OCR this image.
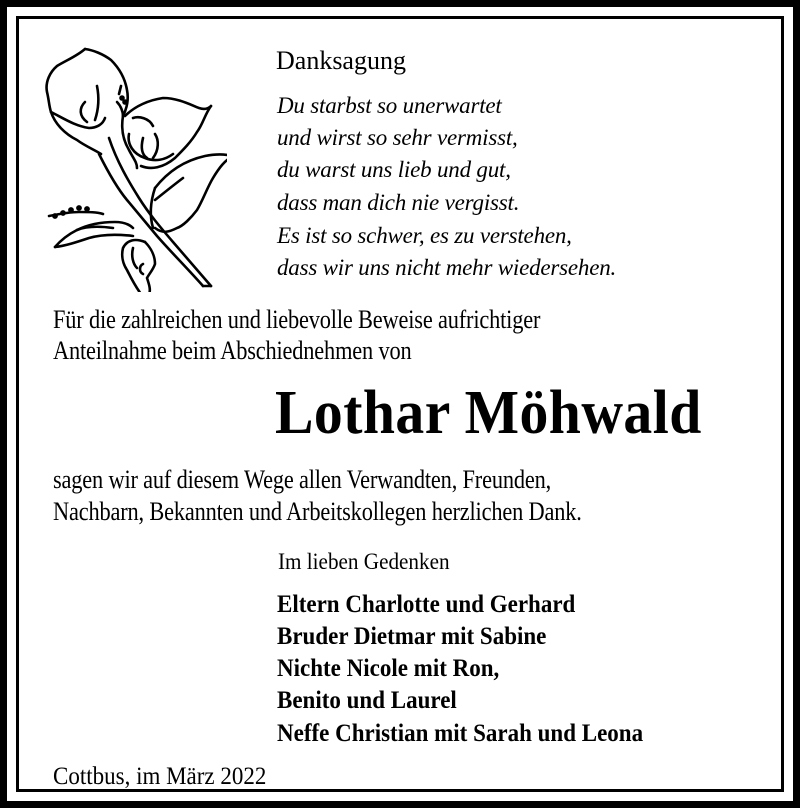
Danksagung
Du starbst so unerwartet
und wirst so sehr vermisst,
du warst uns lieb und gut,
dass man dich nie vergisst.
Es ist so schwer, es zu verstehen,
dass wir uns nicht mehr wiedersehen.
Für die zahlreichen und liebevolle Beweise aufrichtiger
Anteilnahme beim Abschiednehmen von
Lothar Möhwald
sagen wir auf diesem Wege allen Verwandten, Freunden,
Nachbarn, Bekannten und Arbeitskollegen herzlichen Dank.
Im lieben Gedenken
Eltern Charlotte und Gerhard
Bruder Dietmar mit Sabine
Nichte Nicole mit Ron,
Benito und Laurel
Neffe Christian mit Sarah und Leona
Cottbus, im März 2022
